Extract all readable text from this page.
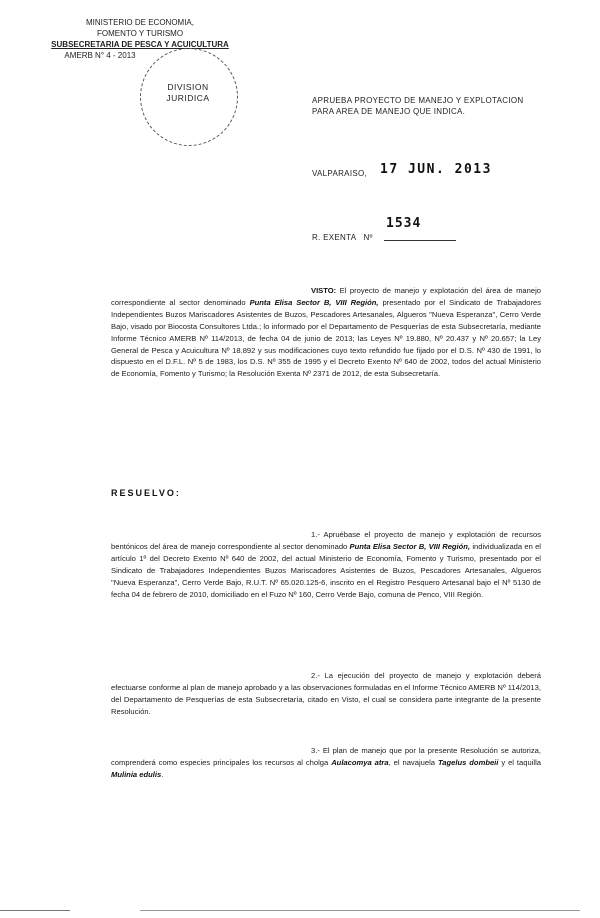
MINISTERIO DE ECONOMIA,
FOMENTO Y TURISMO
SUBSECRETARIA DE PESCA Y ACUICULTURA
AMERB N° 4 - 2013
DIVISION
JURIDICA	APRUEBA PROYECTO DE MANEJO Y EXPLOTACION
PARA AREA DE MANEJO QUE INDICA.
VALPARAISO, 17 JUN. 2013
R. EXENTA Nº
1534
VISTO: El proyecto de manejo y explotación del área de manejo correspondiente al sector denominado Punta Elisa Sector B, VIII Región, presentado por el Sindicato de Trabajadores Independientes Buzos Mariscadores Asistentes de Buzos, Pescadores Artesanales, Algueros "Nueva Esperanza", Cerro Verde Bajo, visado por Biocosta Consultores Ltda.; lo informado por el Departamento de Pesquerías de esta Subsecretaría, mediante Informe Técnico AMERB Nº 114/2013, de fecha 04 de junio de 2013; las Leyes Nº 19.880, Nº 20.437 y Nº 20.657; la Ley General de Pesca y Acuicultura Nº 18.892 y sus modificaciones cuyo texto refundido fue fijado por el D.S. Nº 430 de 1991, lo dispuesto en el D.F.L. Nº 5 de 1983, los D.S. Nº 355 de 1995 y el Decreto Exento Nº 640 de 2002, todos del actual Ministerio de Economía, Fomento y Turismo; la Resolución Exenta Nº 2371 de 2012, de esta Subsecretaría.
RESUELVO:
1.- Apruébase el proyecto de manejo y explotación de recursos bentónicos del área de manejo correspondiente al sector denominado Punta Elisa Sector B, VIII Región, individualizada en el artículo 1º del Decreto Exento Nº 640 de 2002, del actual Ministerio de Economía, Fomento y Turismo, presentado por el Sindicato de Trabajadores Independientes Buzos Mariscadores Asistentes de Buzos, Pescadores Artesanales, Algueros "Nueva Esperanza", Cerro Verde Bajo, R.U.T. Nº 65.020.125-6, inscrito en el Registro Pesquero Artesanal bajo el Nº 5130 de fecha 04 de febrero de 2010, domiciliado en el Fuzo Nº 160, Cerro Verde Bajo, comuna de Penco, VIII Región.
2.- La ejecución del proyecto de manejo y explotación deberá efectuarse conforme al plan de manejo aprobado y a las observaciones formuladas en el Informe Técnico AMERB Nº 114/2013, del Departamento de Pesquerías de esta Subsecretaría, citado en Visto, el cual se considera parte integrante de la presente Resolución.
3.- El plan de manejo que por la presente Resolución se autoriza, comprenderá como especies principales los recursos al cholga Aulacomya atra, el navajuela Tagelus dombeii y el taquilla Mulinia edulis.
